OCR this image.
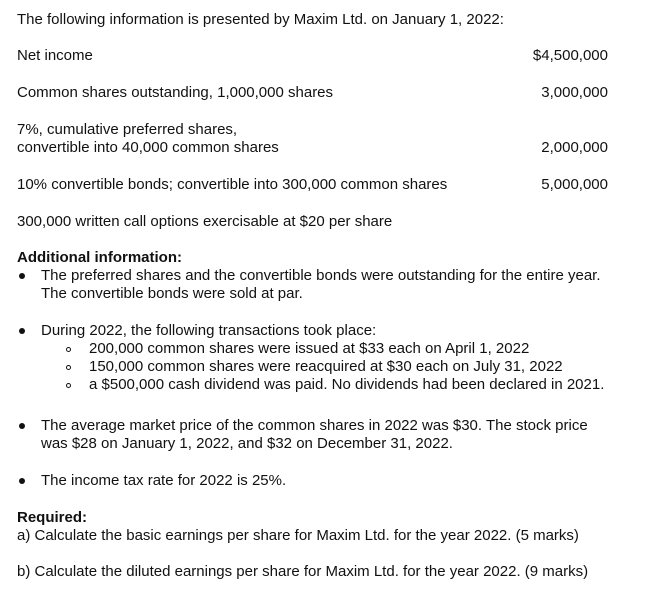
The following information is presented by Maxim Ltd. on January 1, 2022:
Net income	$4,500,000
Common shares outstanding, 1,000,000 shares	3,000,000
7%, cumulative preferred shares,
convertible into 40,000 common shares	2,000,000
10% convertible bonds; convertible into 300,000 common shares	5,000,000
300,000 written call options exercisable at $20 per share
Additional information:
The preferred shares and the convertible bonds were outstanding for the entire year.
The convertible bonds were sold at par.
During 2022, the following transactions took place:
200,000 common shares were issued at $33 each on April 1, 2022
150,000 common shares were reacquired at $30 each on July 31, 2022
a $500,000 cash dividend was paid. No dividends had been declared in 2021.
The average market price of the common shares in 2022 was $30. The stock price
was $28 on January 1, 2022, and $32 on December 31, 2022.
The income tax rate for 2022 is 25%.
Required:
a) Calculate the basic earnings per share for Maxim Ltd. for the year 2022. (5 marks)
b) Calculate the diluted earnings per share for Maxim Ltd. for the year 2022. (9 marks)
